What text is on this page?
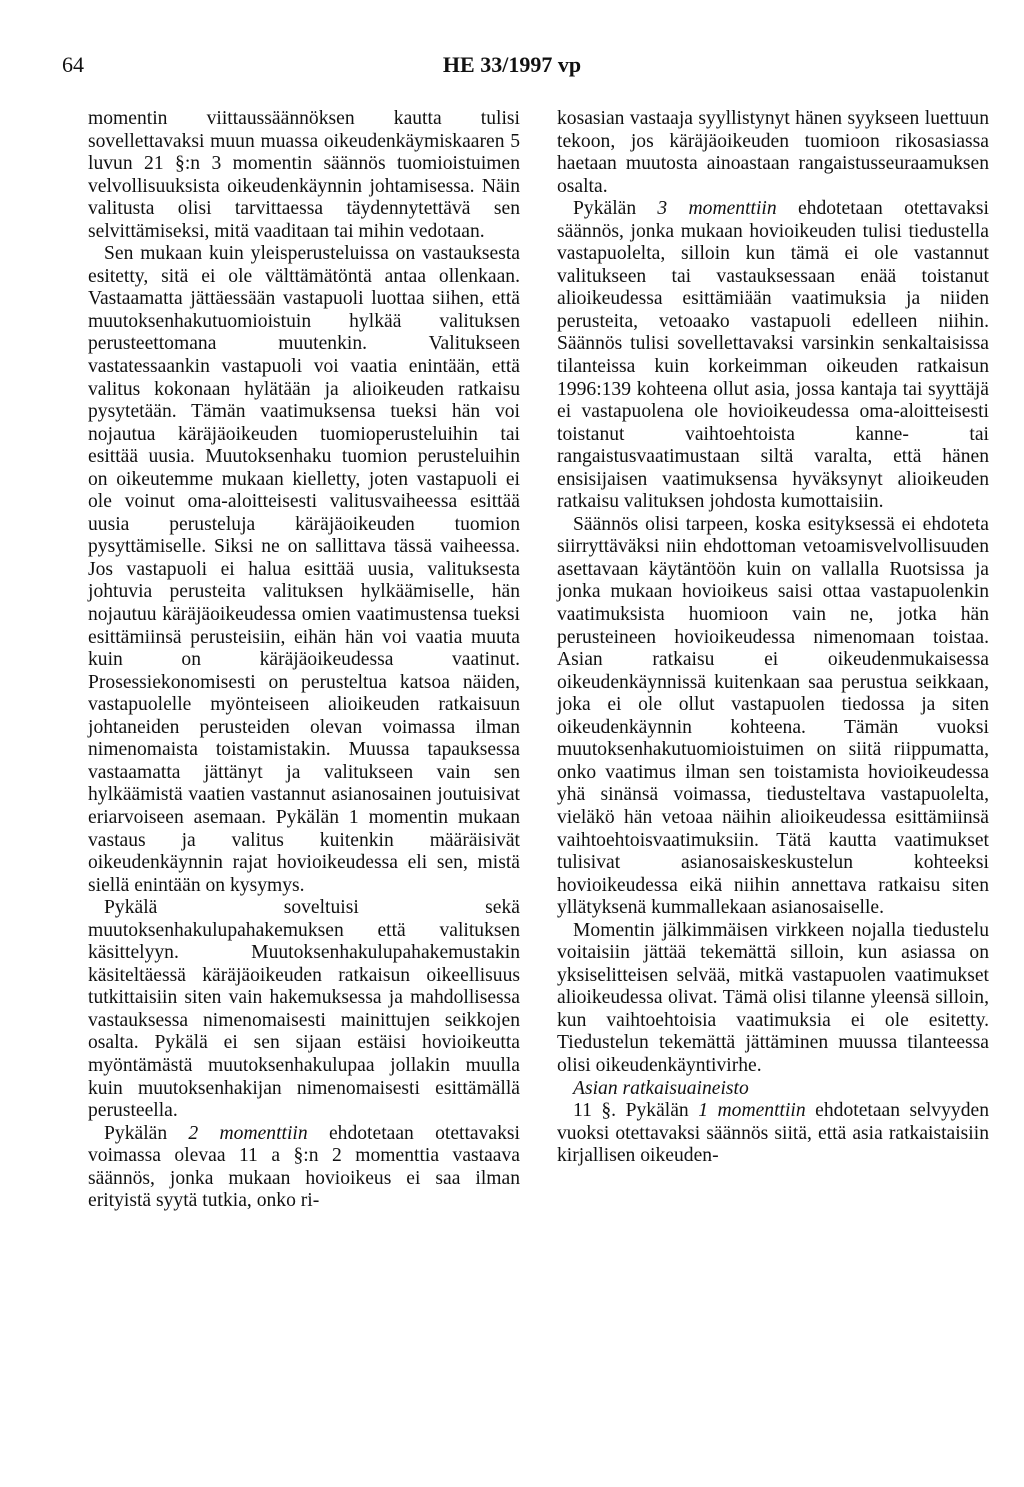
64	HE 33/1997 vp

momentin viittaussäännöksen kautta tulisi sovellettavaksi muun muassa oikeudenkäymiskaaren 5 luvun 21 §:n 3 momentin säännös tuomioistuimen velvollisuuksista oikeudenkäynnin johtamisessa. Näin valitusta olisi tarvittaessa täydennytettävä sen selvittämiseksi, mitä vaaditaan tai mihin vedotaan.

Sen mukaan kuin yleisperusteluissa on vastauksesta esitetty, sitä ei ole välttämätöntä antaa ollenkaan. Vastaamatta jättäessään vastapuoli luottaa siihen, että muutoksenhakutuomioistuin hylkää valituksen perusteettomana muutenkin. Valitukseen vastatessaankin vastapuoli voi vaatia enintään, että valitus kokonaan hylätään ja alioikeuden ratkaisu pysytetään. Tämän vaatimuksensa tueksi hän voi nojautua käräjäoikeuden tuomioperusteluihin tai esittää uusia. Muutoksenhaku tuomion perusteluihin on oikeutemme mukaan kielletty, joten vastapuoli ei ole voinut oma-aloitteisesti valitusvaiheessa esittää uusia perusteluja käräjäoikeuden tuomion pysyttämiselle. Siksi ne on sallittava tässä vaiheessa. Jos vastapuoli ei halua esittää uusia, valituksesta johtuvia perusteita valituksen hylkäämiselle, hän nojautuu käräjäoikeudessa omien vaatimustensa tueksi esittämiinsä perusteisiin, eihän hän voi vaatia muuta kuin on käräjäoikeudessa vaatinut. Prosessiekonomisesti on perusteltua katsoa näiden, vastapuolelle myönteiseen alioikeuden ratkaisuun johtaneiden perusteiden olevan voimassa ilman nimenomaista toistamistakin. Muussa tapauksessa vastaamatta jättänyt ja valitukseen vain sen hylkäämistä vaatien vastannut asianosainen joutuisivat eriarvoiseen asemaan. Pykälän 1 momentin mukaan vastaus ja valitus kuitenkin määräisivät oikeudenkäynnin rajat hovioikeudessa eli sen, mistä siellä enintään on kysymys.

Pykälä soveltuisi sekä muutoksenhakulupahakemuksen että valituksen käsittelyyn. Muutoksenhakulupahakemustakin käsiteltäessä käräjäoikeuden ratkaisun oikeellisuus tutkittaisiin siten vain hakemuksessa ja mahdollisessa vastauksessa nimenomaisesti mainittujen seikkojen osalta. Pykälä ei sen sijaan estäisi hovioikeutta myöntämästä muutoksenhakulupaa jollakin muulla kuin muutoksenhakijan nimenomaisesti esittämällä perusteella.

Pykälän 2 momenttiin ehdotetaan otettavaksi voimassa olevaa 11 a §:n 2 momenttia vastaava säännös, jonka mukaan hovioikeus ei saa ilman erityistä syytä tutkia, onko ri-

kosasian vastaaja syyllistynyt hänen syykseen luettuun tekoon, jos käräjäoikeuden tuomioon rikosasiassa haetaan muutosta ainoastaan rangaistusseuraamuksen osalta.

Pykälän 3 momenttiin ehdotetaan otettavaksi säännös, jonka mukaan hovioikeuden tulisi tiedustella vastapuolelta, silloin kun tämä ei ole vastannut valitukseen tai vastauksessaan enää toistanut alioikeudessa esittämiään vaatimuksia ja niiden perusteita, vetoaako vastapuoli edelleen niihin. Säännös tulisi sovellettavaksi varsinkin senkaltaisissa tilanteissa kuin korkeimman oikeuden ratkaisun 1996:139 kohteena ollut asia, jossa kantaja tai syyttäjä ei vastapuolena ole hovioikeudessa oma-aloitteisesti toistanut vaihtoehtoista kanne- tai rangaistusvaatimustaan siltä varalta, että hänen ensisijaisen vaatimuksensa hyväksynyt alioikeuden ratkaisu valituksen johdosta kumottaisiin.

Säännös olisi tarpeen, koska esityksessä ei ehdoteta siirryttäväksi niin ehdottoman vetoamisvelvollisuuden asettavaan käytäntöön kuin on vallalla Ruotsissa ja jonka mukaan hovioikeus saisi ottaa vastapuolenkin vaatimuksista huomioon vain ne, jotka hän perusteineen hovioikeudessa nimenomaan toistaa. Asian ratkaisu ei oikeudenmukaisessa oikeudenkäynnissä kuitenkaan saa perustua seikkaan, joka ei ole ollut vastapuolen tiedossa ja siten oikeudenkäynnin kohteena. Tämän vuoksi muutoksenhakutuomioistuimen on siitä riippumatta, onko vaatimus ilman sen toistamista hovioikeudessa yhä sinänsä voimassa, tiedusteltava vastapuolelta, vieläkö hän vetoaa näihin alioikeudessa esittämiinsä vaihtoehtoisvaatimuksiin. Tätä kautta vaatimukset tulisivat asianosaiskeskustelun kohteeksi hovioikeudessa eikä niihin annettava ratkaisu siten yllätyksenä kummallekaan asianosaiselle.

Momentin jälkimmäisen virkkeen nojalla tiedustelu voitaisiin jättää tekemättä silloin, kun asiassa on yksiselitteisen selvää, mitkä vastapuolen vaatimukset alioikeudessa olivat. Tämä olisi tilanne yleensä silloin, kun vaihtoehtoisia vaatimuksia ei ole esitetty. Tiedustelun tekemättä jättäminen muussa tilanteessa olisi oikeudenkäyntivirhe.

Asian ratkaisuaineisto

11 §. Pykälän 1 momenttiin ehdotetaan selvyyden vuoksi otettavaksi säännös siitä, että asia ratkaistaisiin kirjallisen oikeuden-
